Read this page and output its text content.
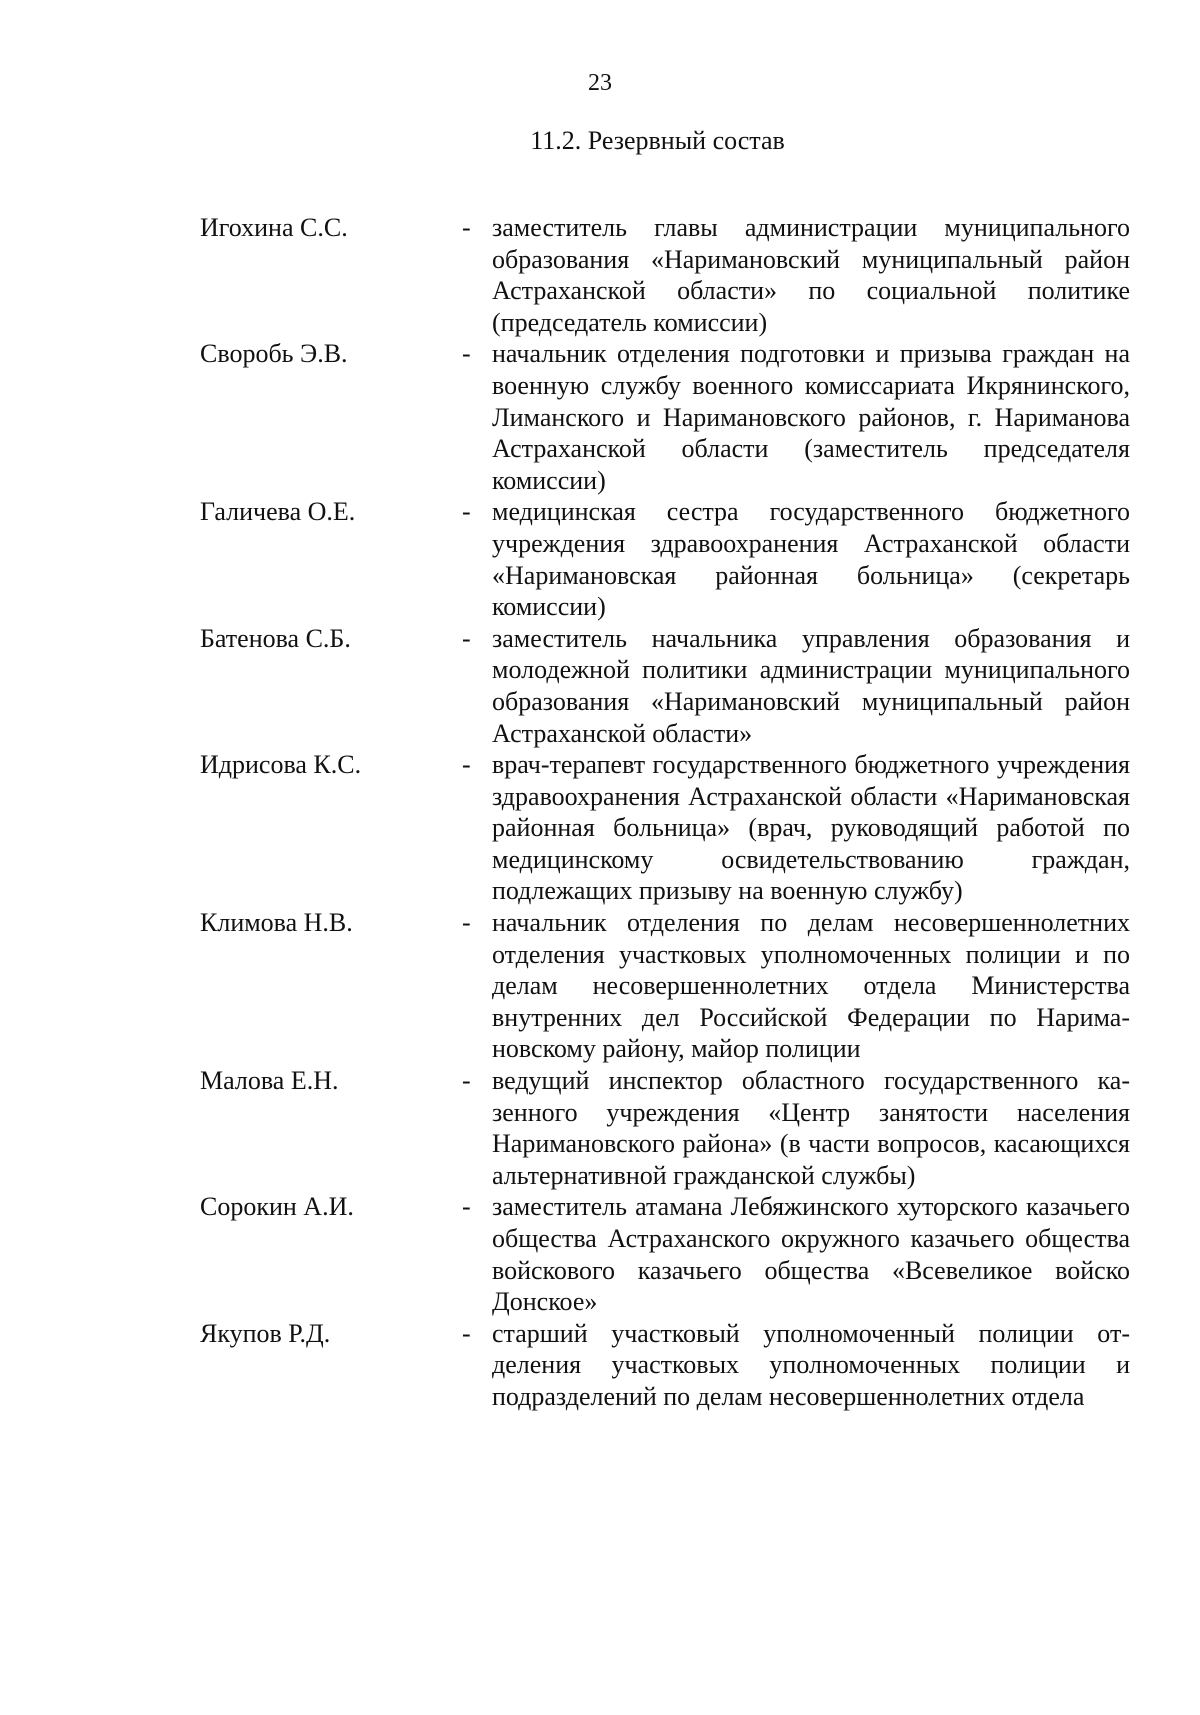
23
11.2. Резервный состав
Игохина С.С.	- заместитель главы администрации муниципального образования «Наримановский муниципальный район Астраханской области» по социальной политике (председатель комиссии)
Своробь Э.В.	- начальник отделения подготовки и призыва граждан на военную службу военного комиссариата Икрянинского, Лиманского и Наримановского районов, г. Нариманова Астраханской области (заместитель председателя комиссии)
Галичева О.Е.	- медицинская сестра государственного бюджетного учреждения здравоохранения Астраханской области «Наримановская районная больница» (секретарь комиссии)
Батенова С.Б.	- заместитель начальника управления образования и молодежной политики администрации муниципального образования «Наримановский муниципальный район Астраханской области»
Идрисова К.С.	- врач-терапевт государственного бюджетного учреждения здравоохранения Астраханской области «Наримановская районная больница» (врач, руководящий работой по медицинскому освидетельствованию граждан, подлежащих призыву на военную службу)
Климова Н.В.	- начальник отделения по делам несовершеннолетних отделения участковых уполномоченных полиции и по делам несовершеннолетних отдела Министерства внутренних дел Российской Федерации по Наримановскому району, майор полиции
Малова Е.Н.	- ведущий инспектор областного государственного казенного учреждения «Центр занятости населения Наримановского района» (в части вопросов, касающихся альтернативной гражданской службы)
Сорокин А.И.	- заместитель атамана Лебяжинского хуторского казачьего общества Астраханского окружного казачьего общества войскового казачьего общества «Всевеликое войско Донское»
Якупов Р.Д.	- старший участковый уполномоченный полиции отделения участковых уполномоченных полиции и подразделений по делам несовершеннолетних отдела
